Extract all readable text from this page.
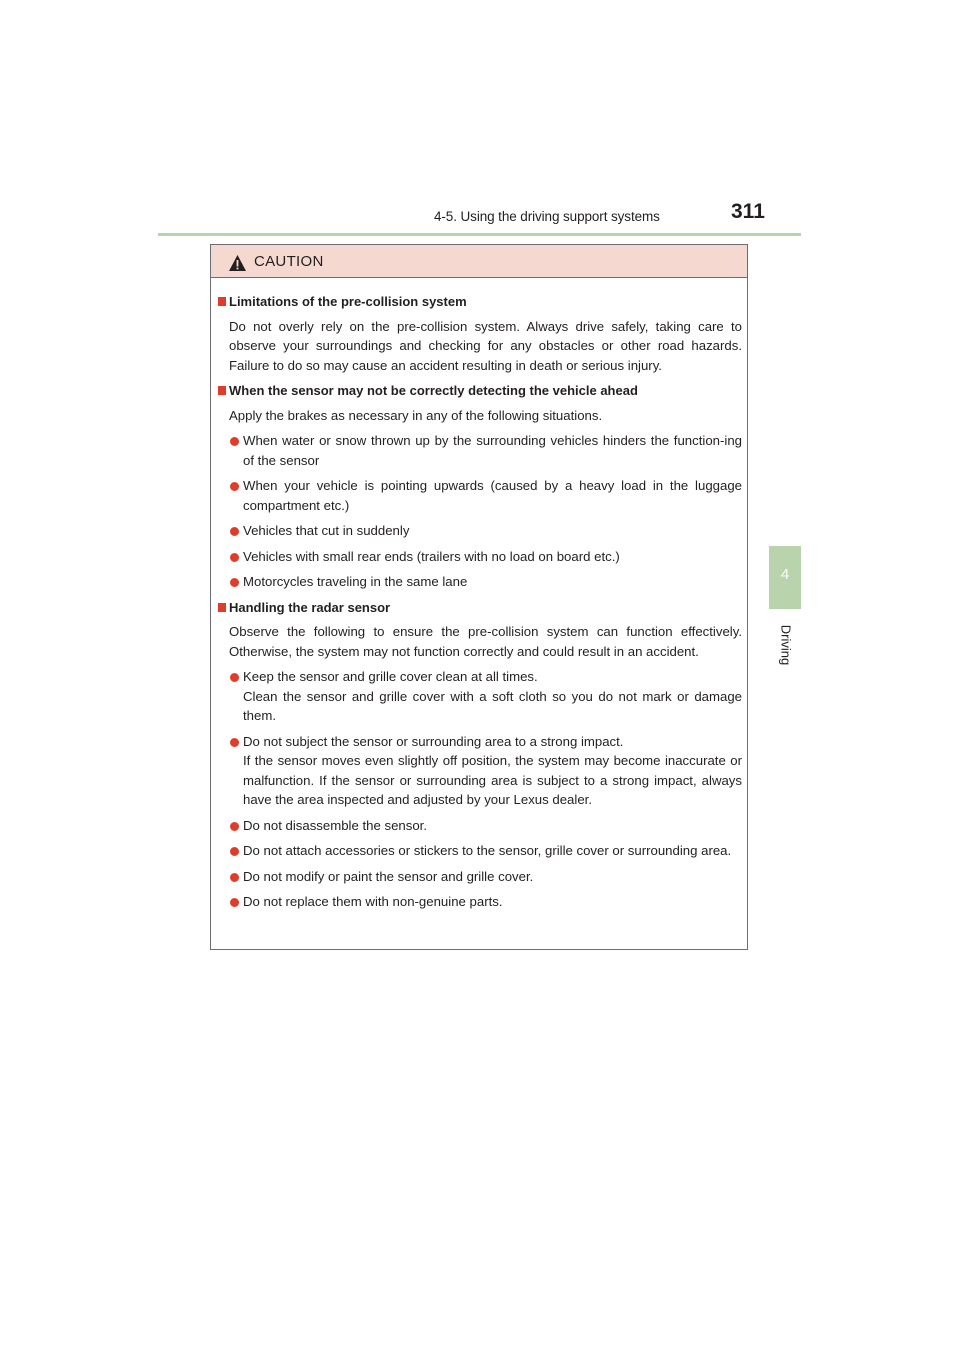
4-5. Using the driving support systems	311
4
Driving
CAUTION
Limitations of the pre-collision system
Do not overly rely on the pre-collision system. Always drive safely, taking care to observe your surroundings and checking for any obstacles or other road hazards. Failure to do so may cause an accident resulting in death or serious injury.
When the sensor may not be correctly detecting the vehicle ahead
Apply the brakes as necessary in any of the following situations.
When water or snow thrown up by the surrounding vehicles hinders the function-ing of the sensor
When your vehicle is pointing upwards (caused by a heavy load in the luggage compartment etc.)
Vehicles that cut in suddenly
Vehicles with small rear ends (trailers with no load on board etc.)
Motorcycles traveling in the same lane
Handling the radar sensor
Observe the following to ensure the pre-collision system can function effectively. Otherwise, the system may not function correctly and could result in an accident.
Keep the sensor and grille cover clean at all times.
Clean the sensor and grille cover with a soft cloth so you do not mark or damage them.
Do not subject the sensor or surrounding area to a strong impact.
If the sensor moves even slightly off position, the system may become inaccurate or malfunction. If the sensor or surrounding area is subject to a strong impact, always have the area inspected and adjusted by your Lexus dealer.
Do not disassemble the sensor.
Do not attach accessories or stickers to the sensor, grille cover or surrounding area.
Do not modify or paint the sensor and grille cover.
Do not replace them with non-genuine parts.
